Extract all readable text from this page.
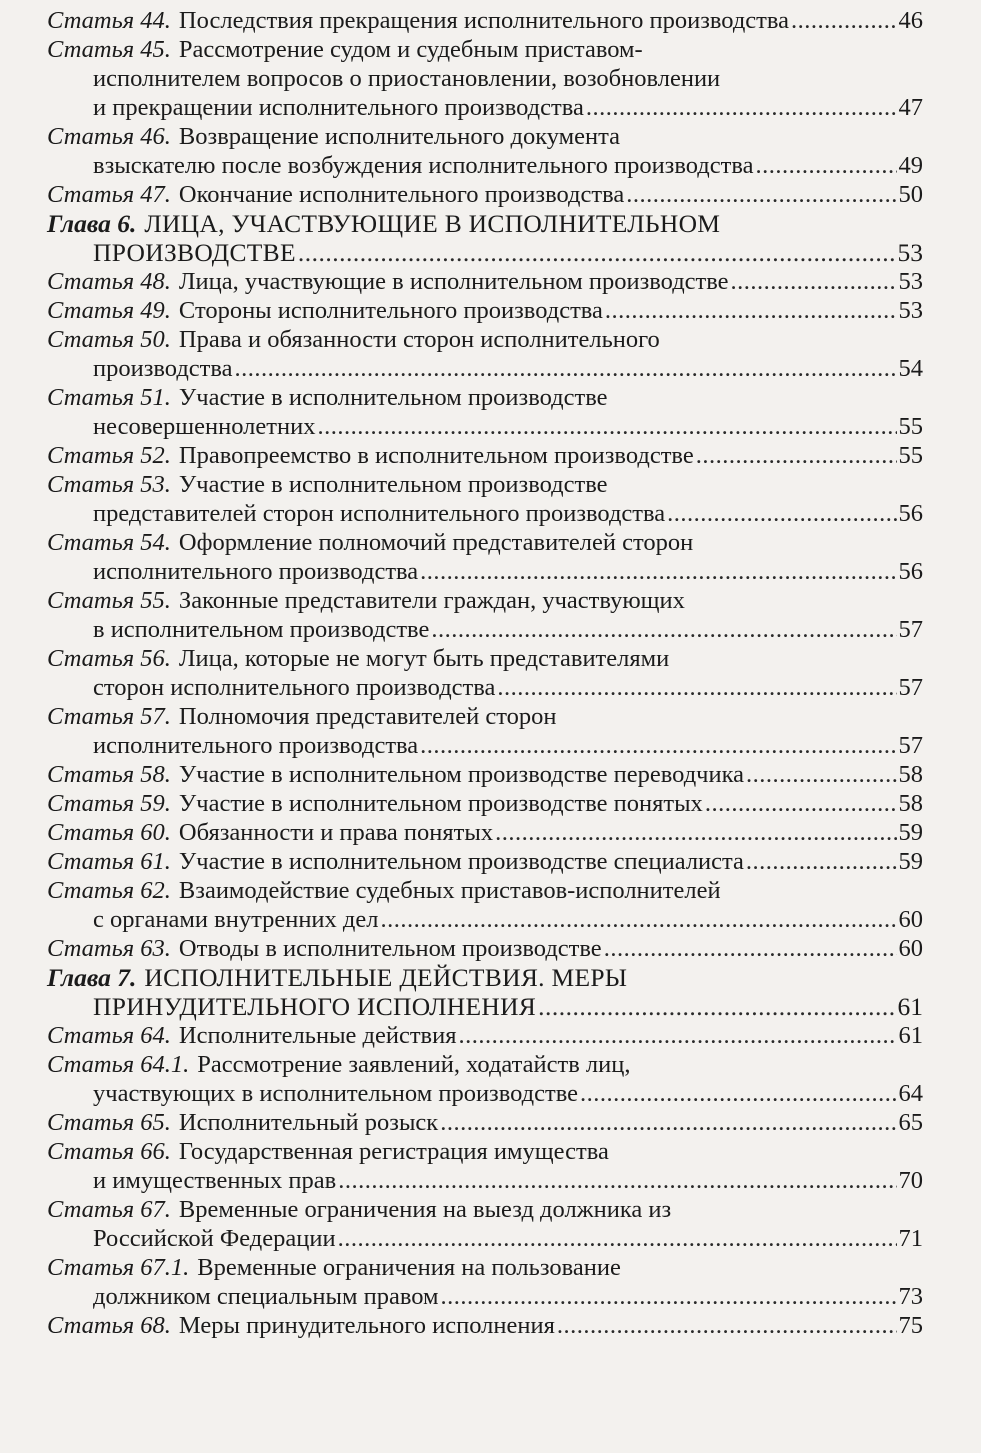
Статья 44. Последствия прекращения исполнительного производства .....	46
Статья 45. Рассмотрение судом и судебным приставом-
исполнителем вопросов о приостановлении, возобновлении
и прекращении исполнительного производства .....	47
Статья 46. Возвращение исполнительного документа
взыскателю после возбуждения исполнительного производства .....	49
Статья 47. Окончание исполнительного производства .....	50
Глава 6. ЛИЦА, УЧАСТВУЮЩИЕ В ИСПОЛНИТЕЛЬНОМ
ПРОИЗВОДСТВЕ .....	53
Статья 48. Лица, участвующие в исполнительном производстве .....	53
Статья 49. Стороны исполнительного производства .....	53
Статья 50. Права и обязанности сторон исполнительного
производства .....	54
Статья 51. Участие в исполнительном производстве
несовершеннолетних .....	55
Статья 52. Правопреемство в исполнительном производстве .....	55
Статья 53. Участие в исполнительном производстве
представителей сторон исполнительного производства .....	56
Статья 54. Оформление полномочий представителей сторон
исполнительного производства .....	56
Статья 55. Законные представители граждан, участвующих
в исполнительном производстве .....	57
Статья 56. Лица, которые не могут быть представителями
сторон исполнительного производства .....	57
Статья 57. Полномочия представителей сторон
исполнительного производства .....	57
Статья 58. Участие в исполнительном производстве переводчика .....	58
Статья 59. Участие в исполнительном производстве понятых .....	58
Статья 60. Обязанности и права понятых .....	59
Статья 61. Участие в исполнительном производстве специалиста .....	59
Статья 62. Взаимодействие судебных приставов-исполнителей
с органами внутренних дел .....	60
Статья 63. Отводы в исполнительном производстве .....	60
Глава 7. ИСПОЛНИТЕЛЬНЫЕ ДЕЙСТВИЯ. МЕРЫ
ПРИНУДИТЕЛЬНОГО ИСПОЛНЕНИЯ .....	61
Статья 64. Исполнительные действия .....	61
Статья 64.1. Рассмотрение заявлений, ходатайств лиц,
участвующих в исполнительном производстве .....	64
Статья 65. Исполнительный розыск .....	65
Статья 66. Государственная регистрация имущества
и имущественных прав .....	70
Статья 67. Временные ограничения на выезд должника из
Российской Федерации .....	71
Статья 67.1. Временные ограничения на пользование
должником специальным правом .....	73
Статья 68. Меры принудительного исполнения .....	75
